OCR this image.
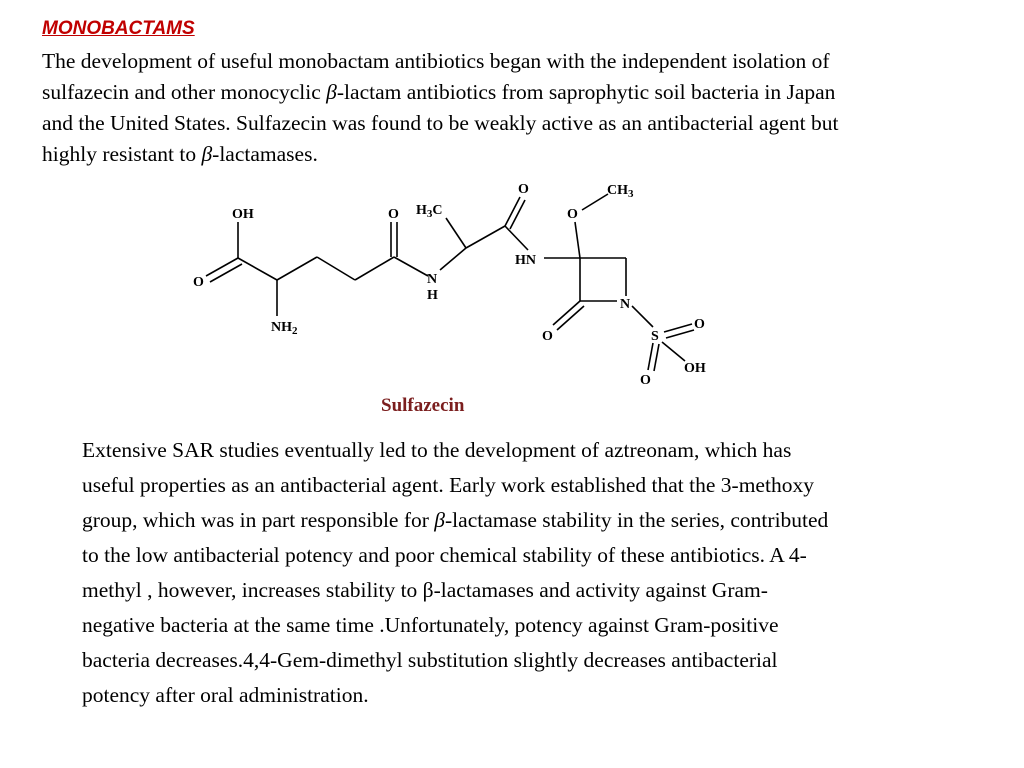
MONOBACTAMS
The development of useful monobactam antibiotics began with the independent isolation of
sulfazecin and other monocyclic β-lactam antibiotics from saprophytic soil bacteria in Japan
and the United States. Sulfazecin was found to be weakly active as an antibacterial agent but
highly resistant to β-lactamases.
OH
O
$NH_2$
O
N
H
$H_3C$
O
HN
O
$CH_3$
N
O	S
O
O
OH
Sulfazecin
Extensive SAR studies eventually led to the development of aztreonam, which has
useful properties as an antibacterial agent. Early work established that the 3-methoxy
group, which was in part responsible for β-lactamase stability in the series, contributed
to the low antibacterial potency and poor chemical stability of these antibiotics. A 4-
methyl , however, increases stability to β-lactamases and activity against Gram-
negative bacteria at the same time .Unfortunately, potency against Gram-positive
bacteria decreases.4,4-Gem-dimethyl substitution slightly decreases antibacterial
potency after oral administration.
